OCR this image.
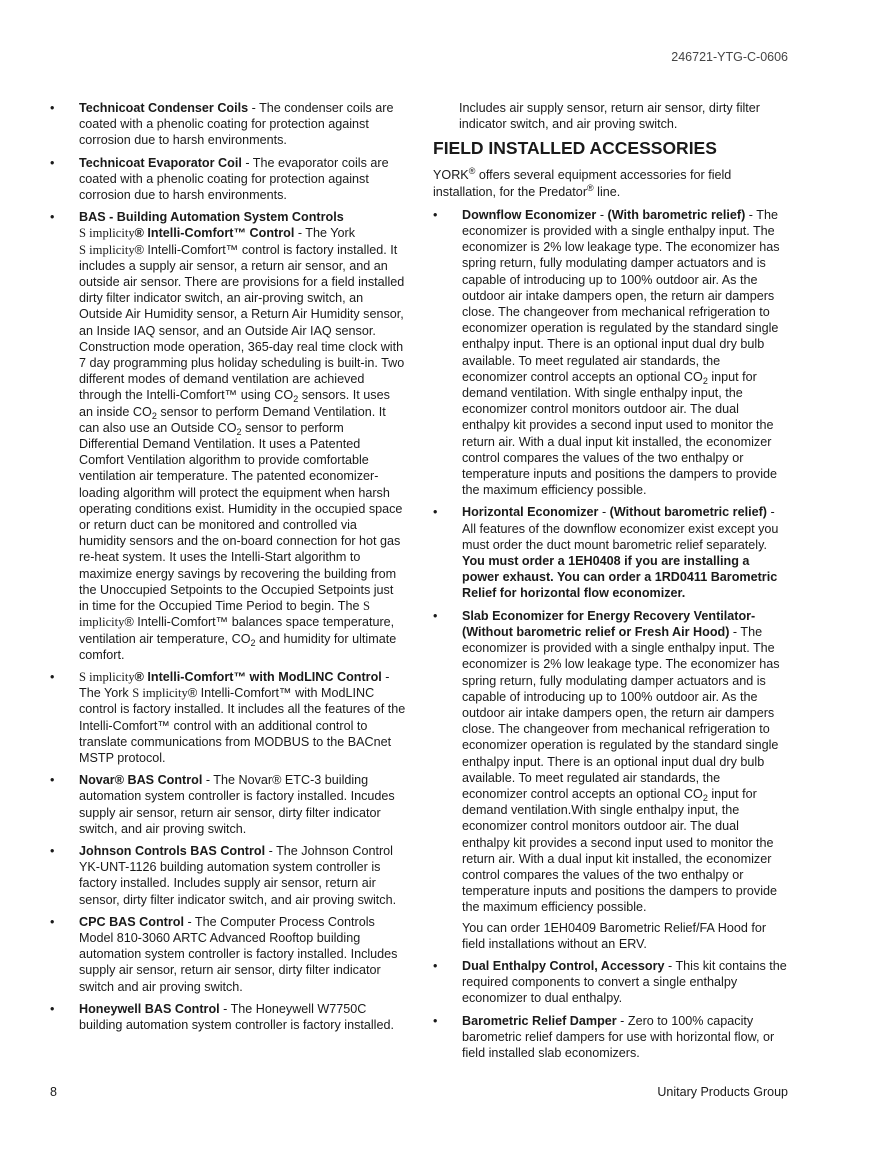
246721-YTG-C-0606
• Technicoat Condenser Coils - The condenser coils are coated with a phenolic coating for protection against corrosion due to harsh environments.
• Technicoat Evaporator Coil - The evaporator coils are coated with a phenolic coating for protection against corrosion due to harsh environments.
• BAS - Building Automation System Controls
S implicity® Intelli-Comfort™ Control - The York
S implicity® Intelli-Comfort™ control is factory installed. It includes a supply air sensor, a return air sensor, and an outside air sensor. There are provisions for a field installed dirty filter indicator switch, an air-proving switch, an Outside Air Humidity sensor, a Return Air Humidity sensor, an Inside IAQ sensor, and an Outside Air IAQ sensor. Construction mode operation, 365-day real time clock with 7 day programming plus holiday scheduling is built-in. Two different modes of demand ventilation are achieved through the Intelli-Comfort™ using $CO_2$ sensors. It uses an inside $CO_2$ sensor to perform Demand Ventilation. It can also use an Outside $CO_2$ sensor to perform Differential Demand Ventilation. It uses a Patented Comfort Ventilation algorithm to provide comfortable ventilation air temperature. The patented economizer-loading algorithm will protect the equipment when harsh operating conditions exist. Humidity in the occupied space or return duct can be monitored and controlled via humidity sensors and the on-board connection for hot gas re-heat system. It uses the Intelli-Start algorithm to maximize energy savings by recovering the building from the Unoccupied Setpoints to the Occupied Setpoints just in time for the Occupied Time Period to begin. The S implicity® Intelli-Comfort™ balances space temperature, ventilation air temperature, $CO_2$ and humidity for ultimate comfort.
• S implicity® Intelli-Comfort™ with ModLINC Control - The York S implicity® Intelli-Comfort™ with ModLINC control is factory installed. It includes all the features of the Intelli-Comfort™ control with an additional control to translate communications from MODBUS to the BACnet MSTP protocol.
• Novar® BAS Control - The Novar® ETC-3 building automation system controller is factory installed. Incudes supply air sensor, return air sensor, dirty filter indicator switch, and air proving switch.
• Johnson Controls BAS Control - The Johnson Control YK-UNT-1126 building automation system controller is factory installed. Includes supply air sensor, return air sensor, dirty filter indicator switch, and air proving switch.
• CPC BAS Control - The Computer Process Controls Model 810-3060 ARTC Advanced Rooftop building automation system controller is factory installed. Includes supply air sensor, return air sensor, dirty filter indicator switch and air proving switch.
• Honeywell BAS Control - The Honeywell W7750C building automation system controller is factory installed.
Includes air supply sensor, return air sensor, dirty filter indicator switch, and air proving switch.
FIELD INSTALLED ACCESSORIES
YORK® offers several equipment accessories for field installation, for the Predator® line.
• Downflow Economizer - (With barometric relief) - The economizer is provided with a single enthalpy input. The economizer is 2% low leakage type. The economizer has spring return, fully modulating damper actuators and is capable of introducing up to 100% outdoor air. As the outdoor air intake dampers open, the return air dampers close. The changeover from mechanical refrigeration to economizer operation is regulated by the standard single enthalpy input. There is an optional input dual dry bulb available. To meet regulated air standards, the economizer control accepts an optional $CO_2$ input for demand ventilation. With single enthalpy input, the economizer control monitors outdoor air. The dual enthalpy kit provides a second input used to monitor the return air. With a dual input kit installed, the economizer control compares the values of the two enthalpy or temperature inputs and positions the dampers to provide the maximum efficiency possible.
• Horizontal Economizer - (Without barometric relief) - All features of the downflow economizer exist except you must order the duct mount barometric relief separately. You must order a 1EH0408 if you are installing a power exhaust. You can order a 1RD0411 Barometric Relief for horizontal flow economizer.
• Slab Economizer for Energy Recovery Ventilator-(Without barometric relief or Fresh Air Hood) - The economizer is provided with a single enthalpy input. The economizer is 2% low leakage type. The economizer has spring return, fully modulating damper actuators and is capable of introducing up to 100% outdoor air. As the outdoor air intake dampers open, the return air dampers close. The changeover from mechanical refrigeration to economizer operation is regulated by the standard single enthalpy input. There is an optional input dual dry bulb available. To meet regulated air standards, the economizer control accepts an optional $CO_2$ input for demand ventilation.With single enthalpy input, the economizer control monitors outdoor air. The dual enthalpy kit provides a second input used to monitor the return air. With a dual input kit installed, the economizer control compares the values of the two enthalpy or temperature inputs and positions the dampers to provide the maximum efficiency possible.
You can order 1EH0409 Barometric Relief/FA Hood for field installations without an ERV.
• Dual Enthalpy Control, Accessory - This kit contains the required components to convert a single enthalpy economizer to dual enthalpy.
• Barometric Relief Damper - Zero to 100% capacity barometric relief dampers for use with horizontal flow, or field installed slab economizers.
8	Unitary Products Group
